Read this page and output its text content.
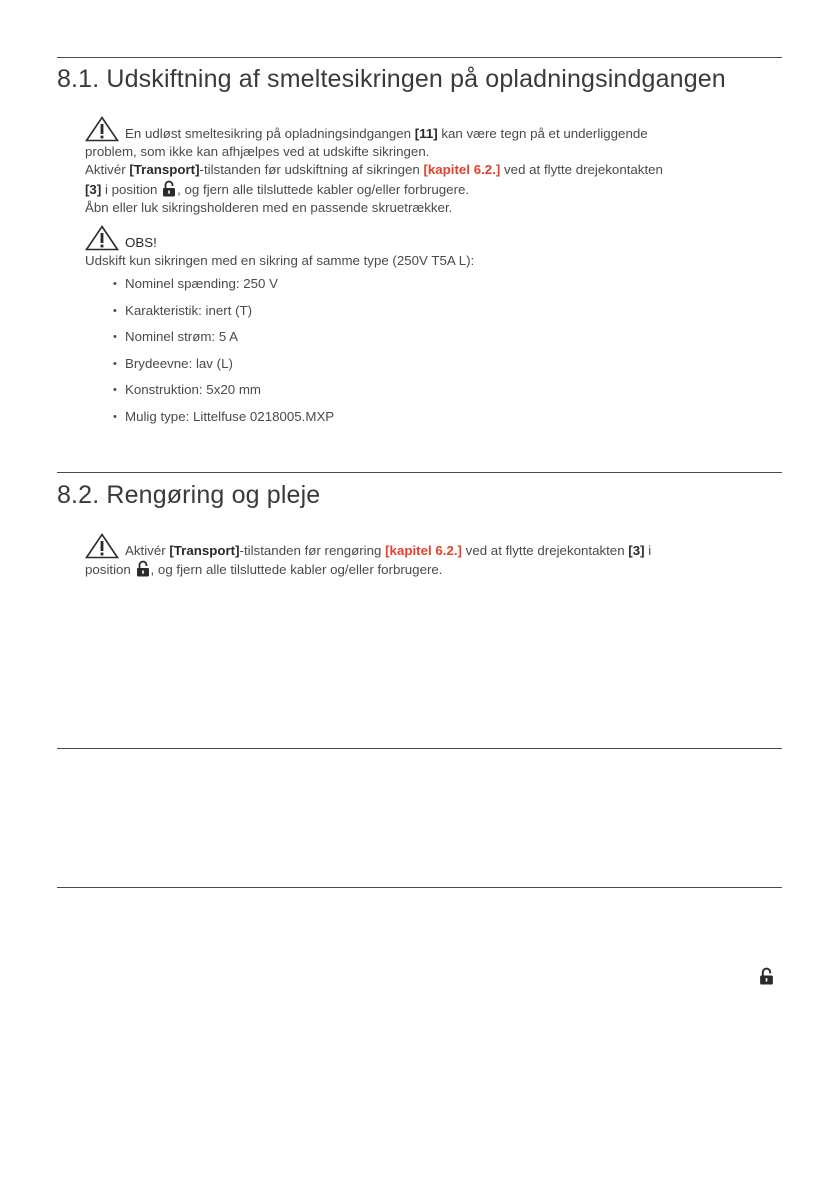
8.1. Udskiftning af smeltesikringen på opladningsindgangen

En udløst smeltesikring på opladningsindgangen [11] kan være tegn på et underliggende

problem, som ikke kan afhjælpes ved at udskifte sikringen.

Aktivér [Transport]-tilstanden før udskiftning af sikringen [kapitel 6.2.] ved at flytte drejekontakten

[3] i position
, og fjern alle tilsluttede kabler og/eller forbrugere.

Åbn eller luk sikringsholderen med en passende skruetrækker.

OBS!

Udskift kun sikringen med en sikring af samme type (250V T5A L):

• Nominel spænding: 250 V
• Karakteristik: inert (T)
• Nominel strøm: 5 A
• Brydeevne: lav (L)
• Konstruktion: 5x20 mm
• Mulig type: Littelfuse 0218005.MXP
8.2. Rengøring og pleje

Aktivér [Transport]-tilstanden før rengøring [kapitel 6.2.] ved at flytte drejekontakten [3] i

position
, og fjern alle tilsluttede kabler og/eller forbrugere.
